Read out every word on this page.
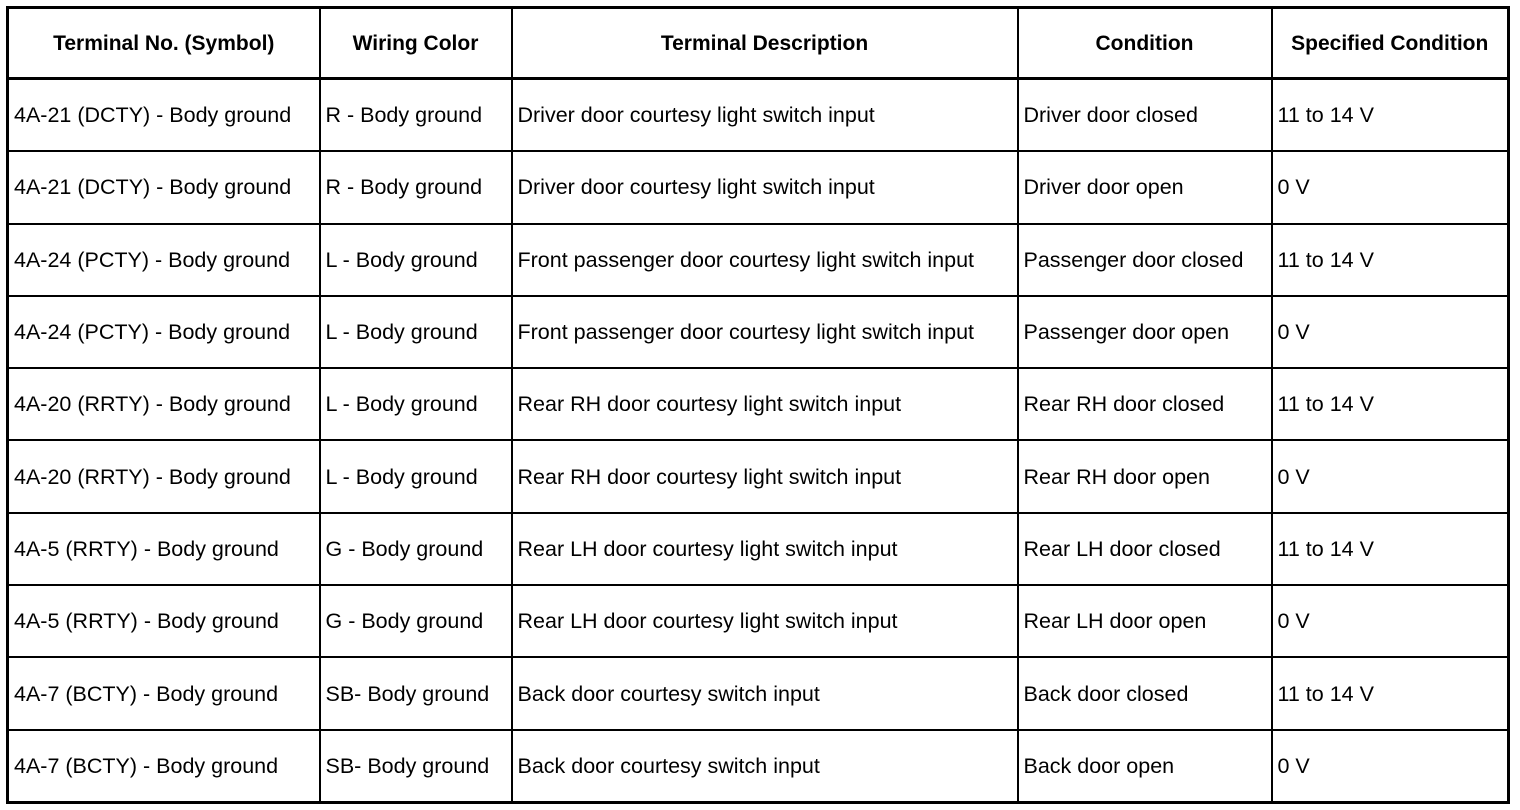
Terminal No. (Symbol)	Wiring Color	Terminal Description	Condition	Specified Condition
4A-21 (DCTY) - Body ground	R - Body ground	Driver door courtesy light switch input	Driver door closed	11 to 14 V
4A-21 (DCTY) - Body ground	R - Body ground	Driver door courtesy light switch input	Driver door open	0 V
4A-24 (PCTY) - Body ground	L - Body ground	Front passenger door courtesy light switch input	Passenger door closed	11 to 14 V
4A-24 (PCTY) - Body ground	L - Body ground	Front passenger door courtesy light switch input	Passenger door open	0 V
4A-20 (RRTY) - Body ground	L - Body ground	Rear RH door courtesy light switch input	Rear RH door closed	11 to 14 V
4A-20 (RRTY) - Body ground	L - Body ground	Rear RH door courtesy light switch input	Rear RH door open	0 V
4A-5 (RRTY) - Body ground	G - Body ground	Rear LH door courtesy light switch input	Rear LH door closed	11 to 14 V
4A-5 (RRTY) - Body ground	G - Body ground	Rear LH door courtesy light switch input	Rear LH door open	0 V
4A-7 (BCTY) - Body ground	SB- Body ground	Back door courtesy switch input	Back door closed	11 to 14 V
4A-7 (BCTY) - Body ground	SB- Body ground	Back door courtesy switch input	Back door open	0 V
